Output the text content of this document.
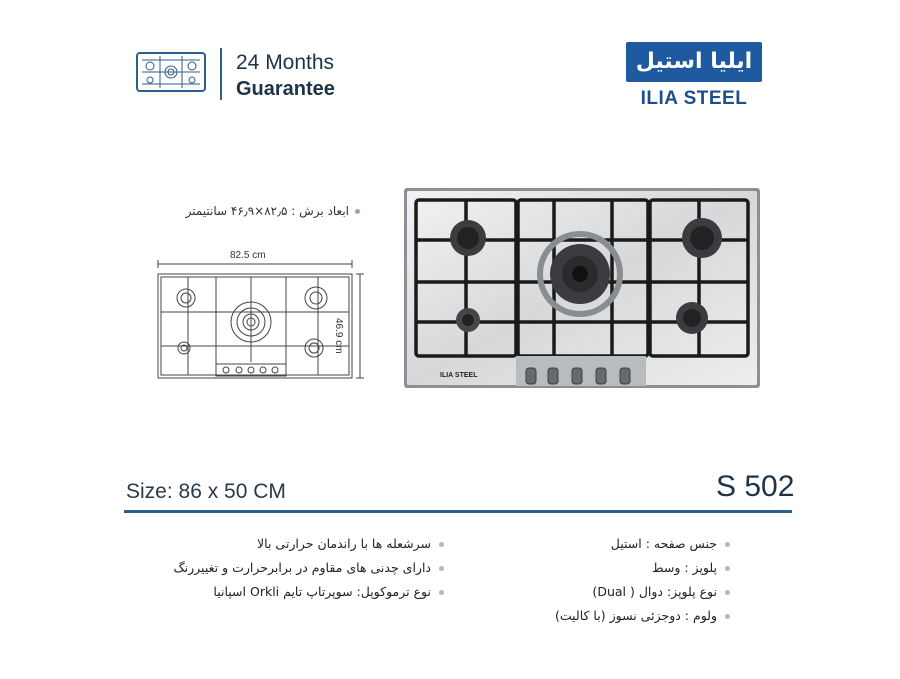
24 Months
Guarantee
ایلیا استیل
ILIA STEEL
ابعاد برش : ۸۲٫۵×۴۶٫۹ سانتیمتر
82.5 cm
46.9 cm
ILIA STEEL
Size: 86 x 50 CM	S 502
جنس صفحه : استیل
پلوپز : وسط
نوع پلوپز: دوال ( Dual)
ولوم : دوجزئی نسوز (با کالیت)
سرشعله ها با راندمان حرارتی بالا
دارای چدنی های مقاوم در برابرحرارت و تغییررنگ
نوع ترموکوپل: سوپرتاپ تایم Orkli اسپانیا
